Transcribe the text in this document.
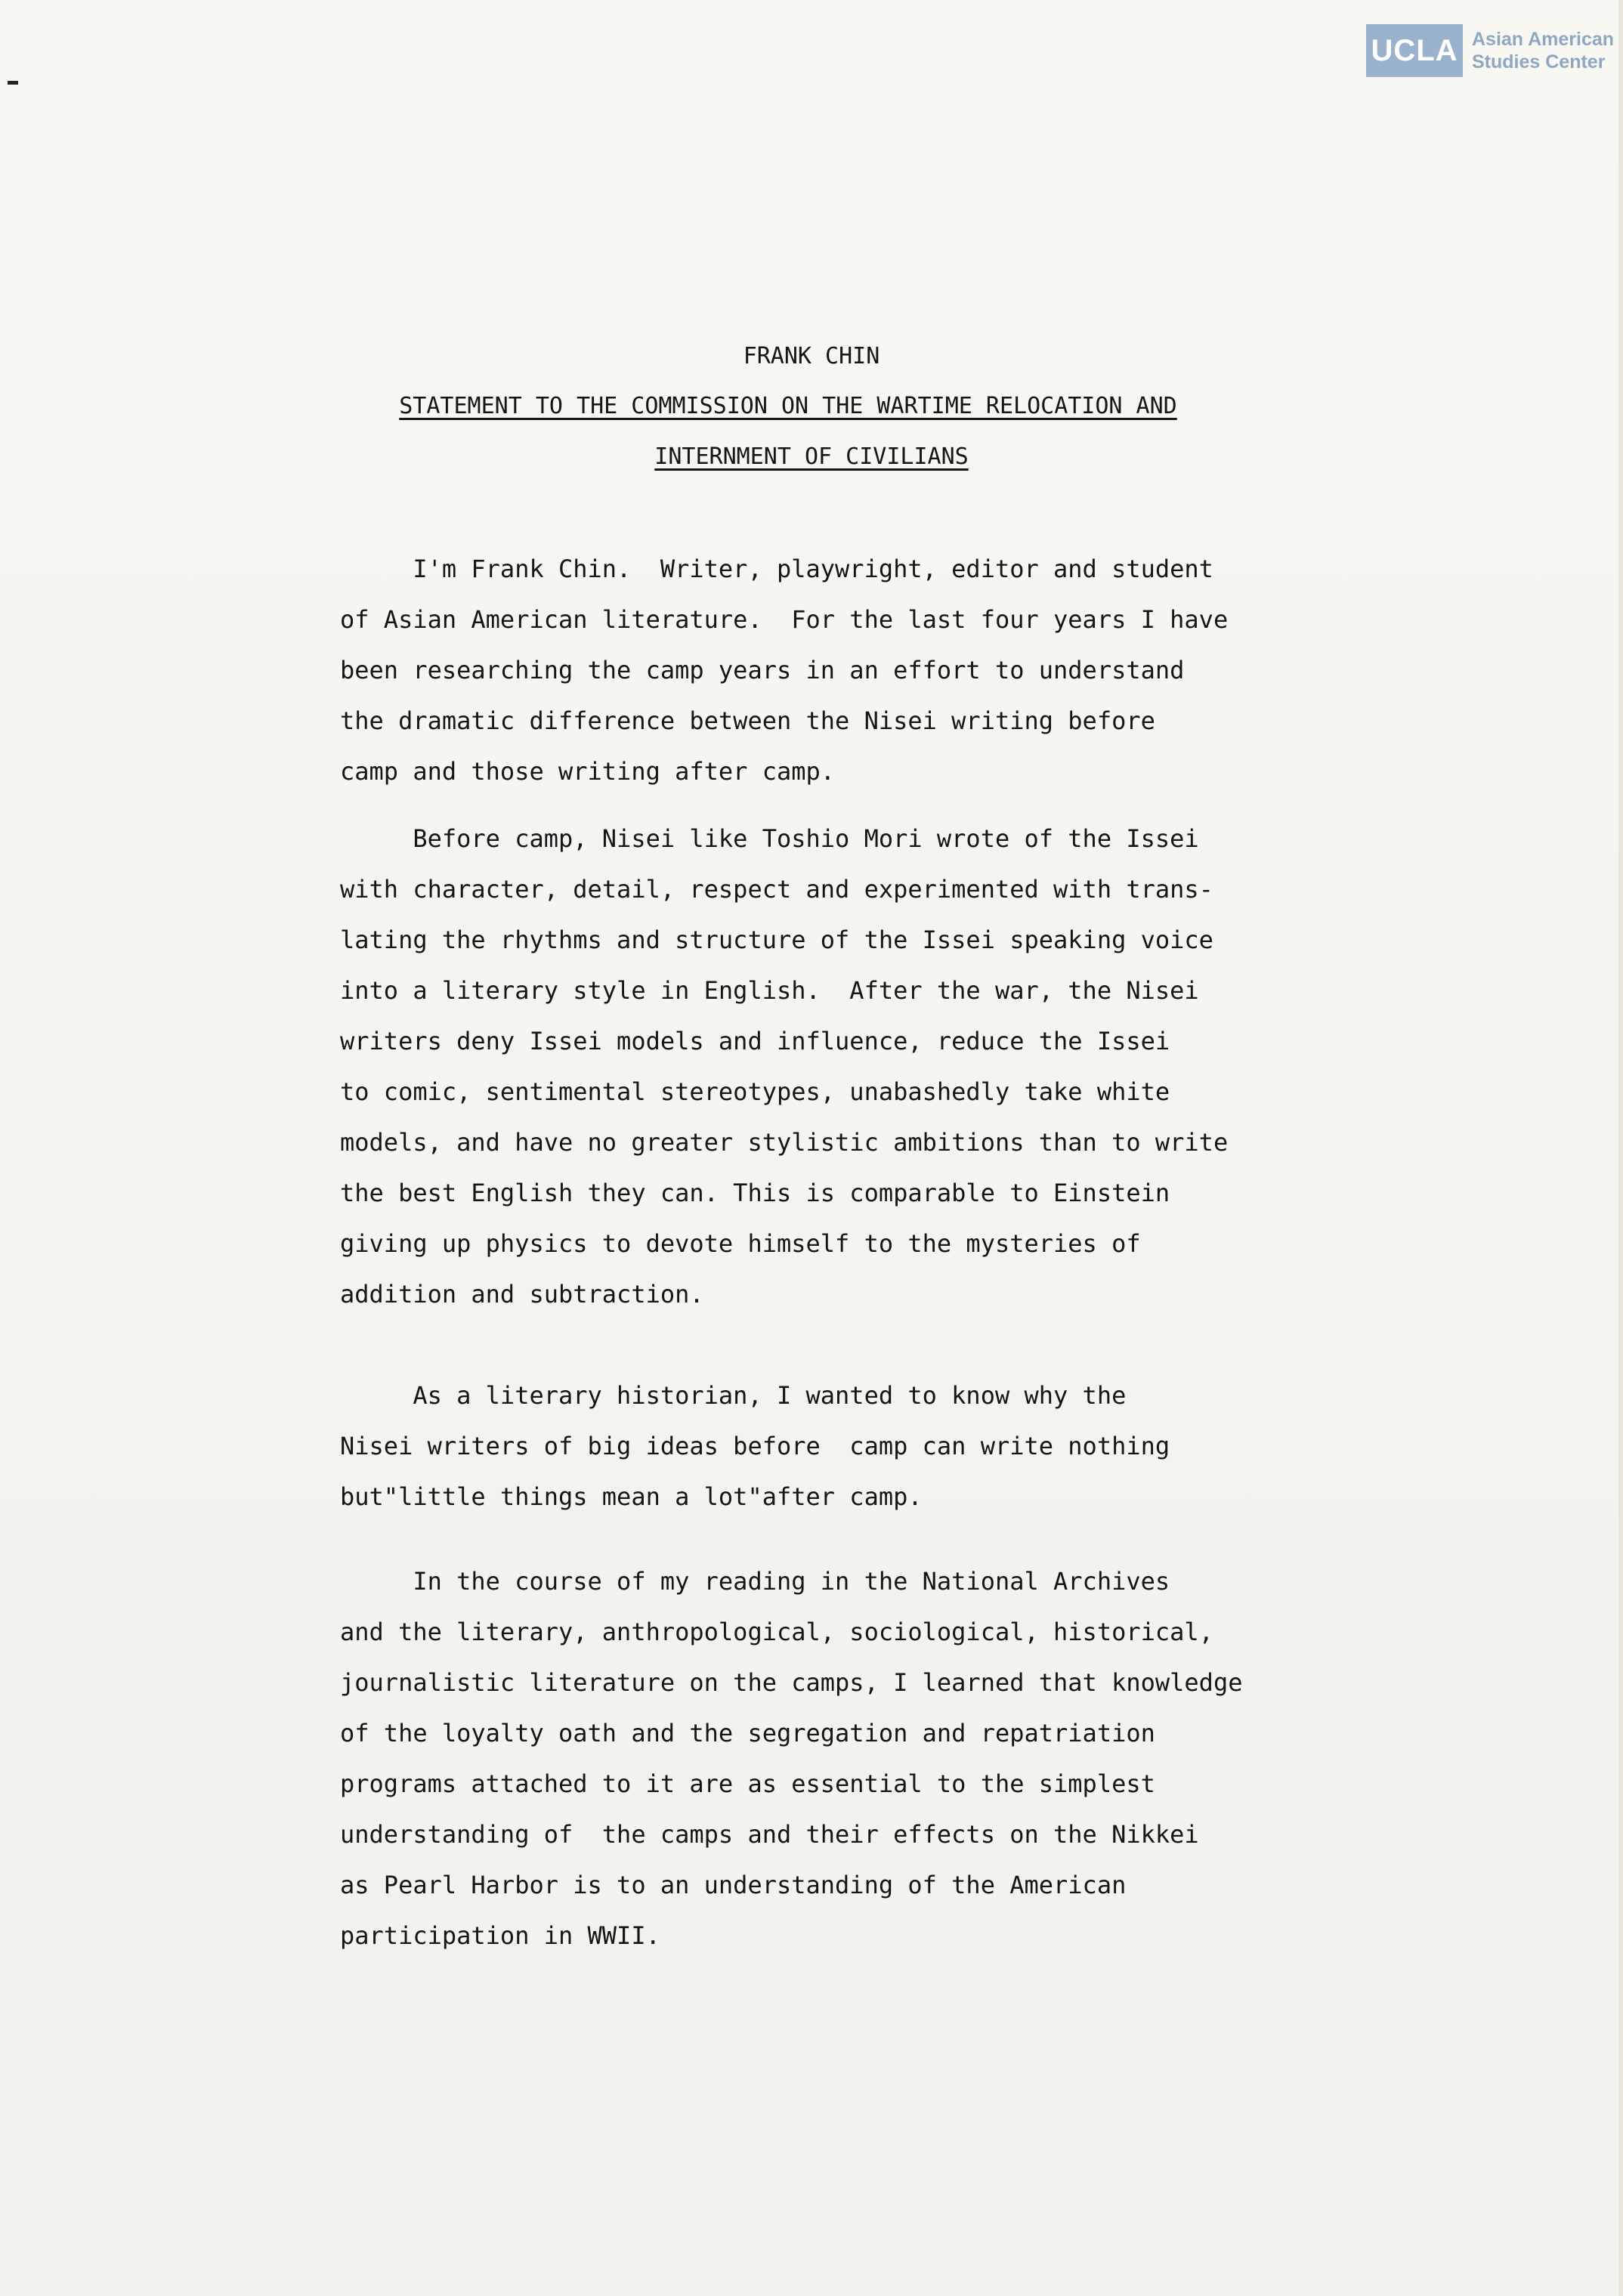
UCLA Asian American
Studies Center
FRANK CHIN
STATEMENT TO THE COMMISSION ON THE WARTIME RELOCATION AND
INTERNMENT OF CIVILIANS

I'm Frank Chin.  Writer, playwright, editor and student

of Asian American literature.  For the last four years I have

been researching the camp years in an effort to understand

the dramatic difference between the Nisei writing before

camp and those writing after camp.

Before camp, Nisei like Toshio Mori wrote of the Issei

with character, detail, respect and experimented with trans-

lating the rhythms and structure of the Issei speaking voice

into a literary style in English.  After the war, the Nisei

writers deny Issei models and influence, reduce the Issei

to comic, sentimental stereotypes, unabashedly take white

models, and have no greater stylistic ambitions than to write

the best English they can. This is comparable to Einstein

giving up physics to devote himself to the mysteries of

addition and subtraction.

As a literary historian, I wanted to know why the

Nisei writers of big ideas before  camp can write nothing

but"little things mean a lot"after camp.

In the course of my reading in the National Archives

and the literary, anthropological, sociological, historical,

journalistic literature on the camps, I learned that knowledge

of the loyalty oath and the segregation and repatriation

programs attached to it are as essential to the simplest

understanding of  the camps and their effects on the Nikkei

as Pearl Harbor is to an understanding of the American

participation in WWII.
